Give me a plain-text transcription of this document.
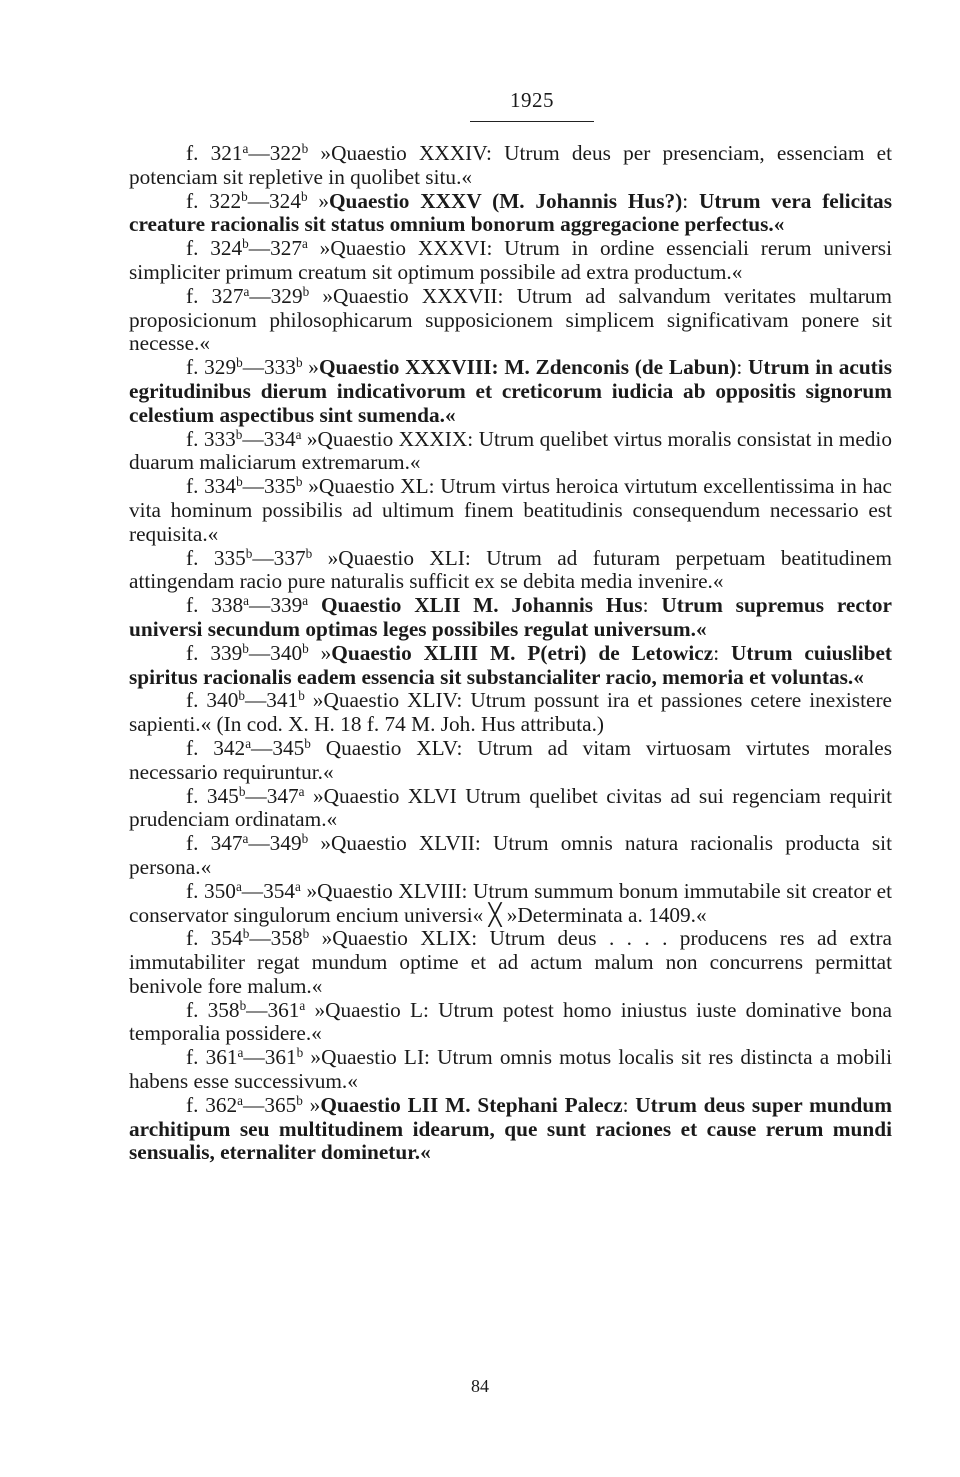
1925

f. 321$^a$—322$^b$ »Quaestio XXXIV: Utrum deus per presenciam, essenciam et potenciam sit repletive in quolibet situ.«

f. 322$^b$—324$^b$ »Quaestio XXXV (M. Johannis Hus?): Utrum vera felicitas creature racionalis sit status omnium bonorum aggregacione perfectus.«

f. 324$^b$—327$^a$ »Quaestio XXXVI: Utrum in ordine essenciali rerum universi simpliciter primum creatum sit optimum possibile ad extra productum.«

f. 327$^a$—329$^b$ »Quaestio XXXVII: Utrum ad salvandum veritates multarum proposicionum philosophicarum supposicionem simplicem significativam ponere sit necesse.«

f. 329$^b$—333$^b$ »Quaestio XXXVIII: M. Zdenconis (de Labun): Utrum in acutis egritudinibus dierum indicativorum et creticorum iudicia ab oppositis signorum celestium aspectibus sint sumenda.«

f. 333$^b$—334$^a$ »Quaestio XXXIX: Utrum quelibet virtus moralis consistat in medio duarum maliciarum extremarum.«

f. 334$^b$—335$^b$ »Quaestio XL: Utrum virtus heroica virtutum excellentissima in hac vita hominum possibilis ad ultimum finem beatitudinis consequendum necessario est requisita.«

f. 335$^b$—337$^b$ »Quaestio XLI: Utrum ad futuram perpetuam beatitudinem attingendam racio pure naturalis sufficit ex se debita media invenire.«

f. 338$^a$—339$^a$ Quaestio XLII M. Johannis Hus: Utrum supremus rector universi secundum optimas leges possibiles regulat universum.«

f. 339$^b$—340$^b$ »Quaestio XLIII M. P(etri) de Letowicz: Utrum cuiuslibet spiritus racionalis eadem essencia sit substancialiter racio, memoria et voluntas.«

f. 340$^b$—341$^b$ »Quaestio XLIV: Utrum possunt ira et passiones cetere inexistere sapienti.« (In cod. X. H. 18 f. 74 M. Joh. Hus attributa.)

f. 342$^a$—345$^b$ Quaestio XLV: Utrum ad vitam virtuosam virtutes morales necessario requiruntur.«

f. 345$^b$—347$^a$ »Quaestio XLVI Utrum quelibet civitas ad sui regenciam requirit prudenciam ordinatam.«

f. 347$^a$—349$^b$ »Quaestio XLVII: Utrum omnis natura racionalis producta sit persona.«

f. 350$^a$—354$^a$ »Quaestio XLVIII: Utrum summum bonum immutabile sit creator et conservator singulorum encium universi« ╳ »Determinata a. 1409.«

f. 354$^b$—358$^b$ »Quaestio XLIX: Utrum deus . . . . producens res ad extra immutabiliter regat mundum optime et ad actum malum non concurrens permittat benivole fore malum.«

f. 358$^b$—361$^a$ »Quaestio L: Utrum potest homo iniustus iuste dominative bona temporalia possidere.«

f. 361$^a$—361$^b$ »Quaestio LI: Utrum omnis motus localis sit res distincta a mobili habens esse successivum.«

f. 362$^a$—365$^b$ »Quaestio LII M. Stephani Palecz: Utrum deus super mundum architipum seu multitudinem idearum, que sunt raciones et cause rerum mundi sensualis, eternaliter dominetur.«

84
